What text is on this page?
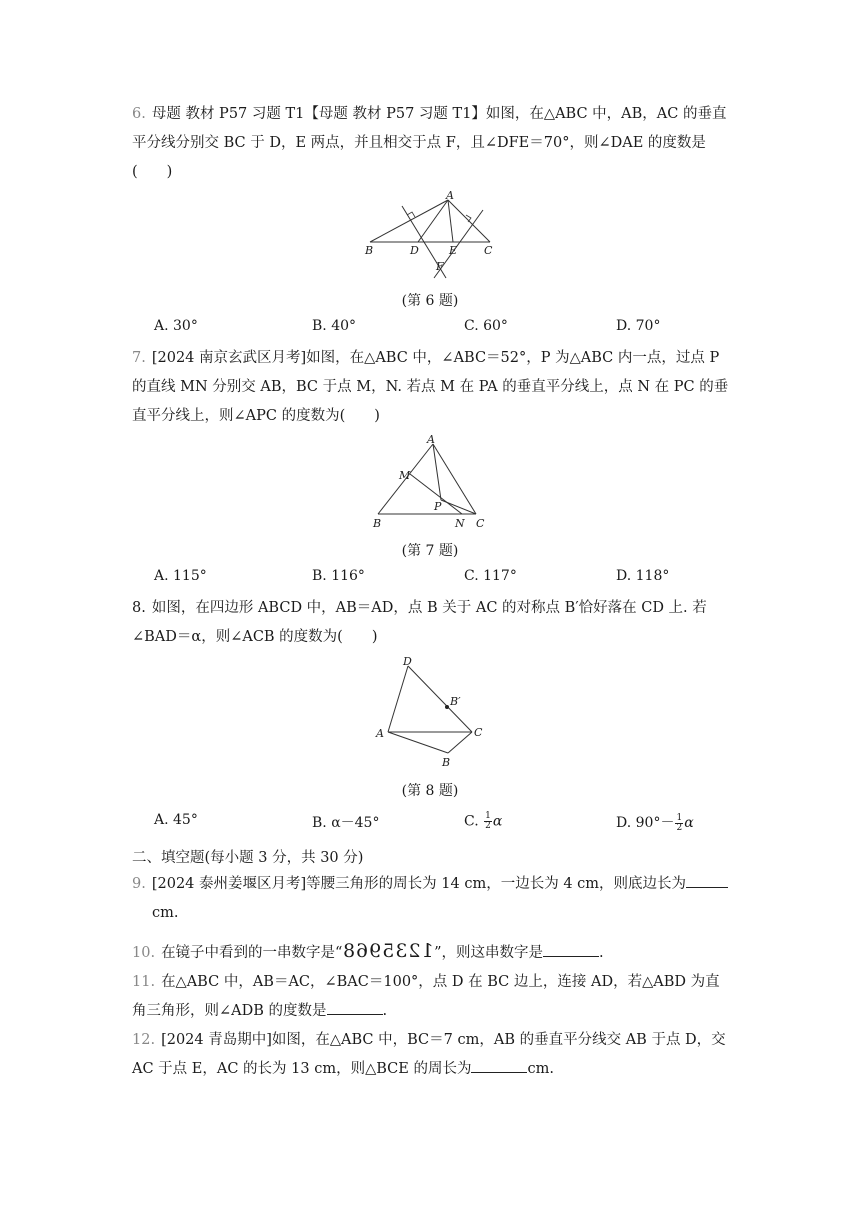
6. 母题 教材 P57 习题 T1【母题 教材 P57 习题 T1】如图，在△ABC 中，AB，AC 的垂直平分线分别交 BC 于 D，E 两点，并且相交于点 F，且∠DFE＝70°，则∠DAE 的度数是(　　)
A
B	C
D	E
F
(第 6 题)
A. 30°	B. 40°	C. 60°	D. 70°
7. [2024 南京玄武区月考]如图，在△ABC 中，∠ABC＝52°，P 为△ABC 内一点，过点 P 的直线 MN 分别交 AB，BC 于点 M，N. 若点 M 在 PA 的垂直平分线上，点 N 在 PC 的垂直平分线上，则∠APC 的度数为(　　)
A
B	C
M
N
P
(第 7 题)
A. 115°	B. 116°	C. 117°	D. 118°
8. 如图，在四边形 ABCD 中，AB＝AD，点 B 关于 AC 的对称点 B′恰好落在 CD 上. 若∠BAD＝α，则∠ACB 的度数为(　　)
D
A	C
B
B′
(第 8 题)
A. 45°	B. α－45°	C. $\frac{1}{2}$ α	D. $90^\circ- \frac{1}{2}$ α
二、填空题(每小题 3 分，共 30 分)
9. [2024 泰州姜堰区月考]等腰三角形的周长为 14 cm，一边长为 4 cm，则底边长为
cm.
10. 在镜子中看到的一串数字是“1235968”，则这串数字是	.
11. 在△ABC 中，AB＝AC，∠BAC＝100°，点 D 在 BC 边上，连接 AD，若△ABD 为直角三角形，则∠ADB 的度数是	.
12. [2024 青岛期中]如图，在△ABC 中，BC＝7 cm，AB 的垂直平分线交 AB 于点 D，交 AC 于点 E，AC 的长为 13 cm，则△BCE 的周长为	cm.
